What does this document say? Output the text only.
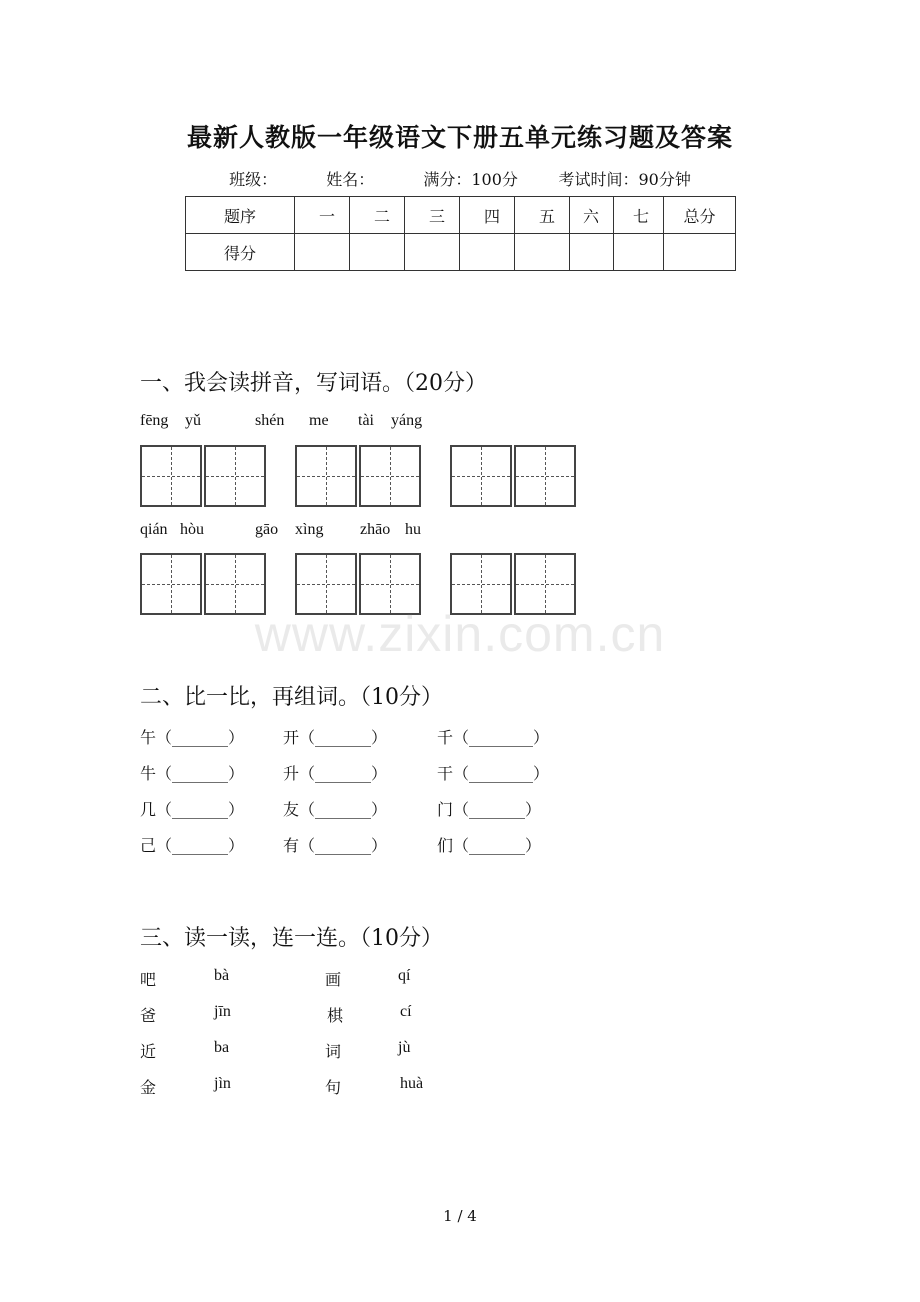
最新人教版一年级语文下册五单元练习题及答案
班级：	姓名：	满分：100分	考试时间：90分钟
题序	一	二	三	四	五	六	七	总分
得分								
一、我会读拼音，写词语。（20分）
fēng yǔ	shén me tài yáng
qián hòu	gāo xìng zhāo hu
www.zixin.com.cn
二、比一比，再组词。（10分）
午（_______） 开（_______）	千（________）
牛（_______） 升（_______）	干（________）
几（_______） 友（_______）	门（_______）
己（_______） 有（_______）	们（_______）
三、读一读，连一连。（10分）
吧	bà	画	qí
爸	jīn	棋	cí
近	ba	词	jù
金	jìn	句	huà
1 / 4
